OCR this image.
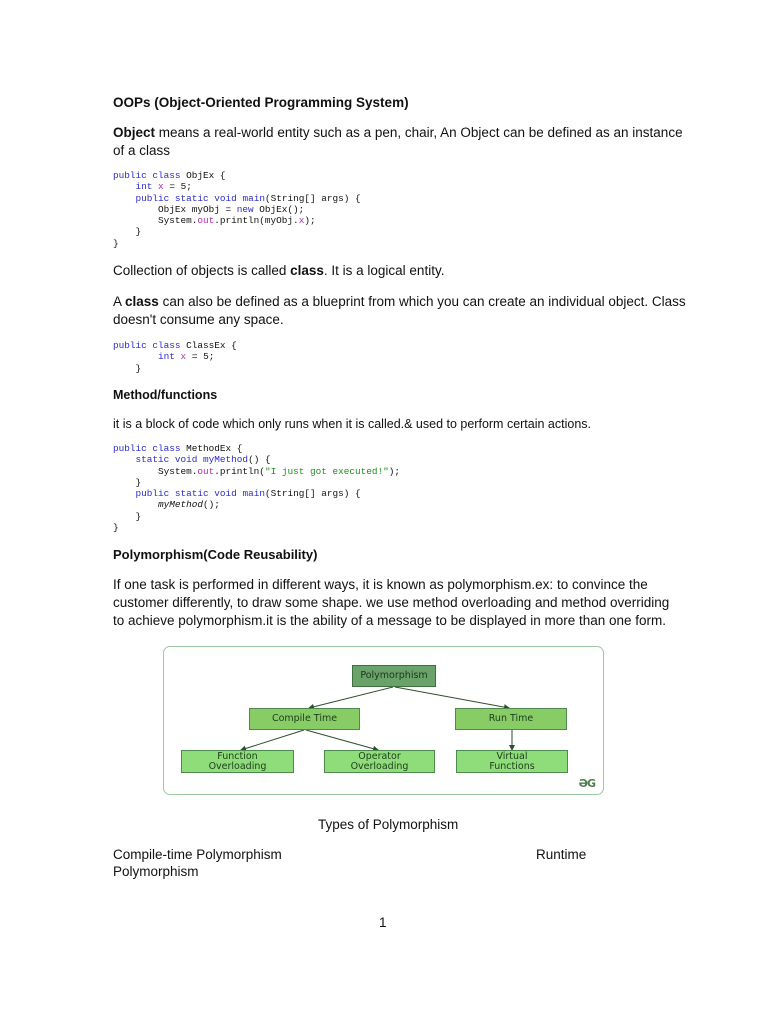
OOPs (Object-Oriented Programming System)
Object means a real-world entity such as a pen, chair, An Object can be defined as an instance
of a class
public class ObjEx {
int x = 5;
public static void main(String[] args) {
ObjEx myObj = new ObjEx();
System.out.println(myObj.x);
}
}
Collection of objects is called class. It is a logical entity.
A class can also be defined as a blueprint from which you can create an individual object. Class
doesn't consume any space.
public class ClassEx {
int x = 5;
}
Method/functions
it is a block of code which only runs when it is called.& used to perform certain actions.
public class MethodEx {
static void myMethod() {
System.out.println("I just got executed!");
}
public static void main(String[] args) {
myMethod();
}
}
Polymorphism(Code Reusability)
If one task is performed in different ways, it is known as polymorphism.ex: to convince the
customer differently, to draw some shape. we use method overloading and method overriding
to achieve polymorphism.it is the ability of a message to be displayed in more than one form.
Polymorphism
Compile Time	Run Time
Function
Overloading
Operator
Overloading
Virtual
Functions
ƏG
Types of Polymorphism
Compile-time Polymorphism	Runtime
Polymorphism
1
